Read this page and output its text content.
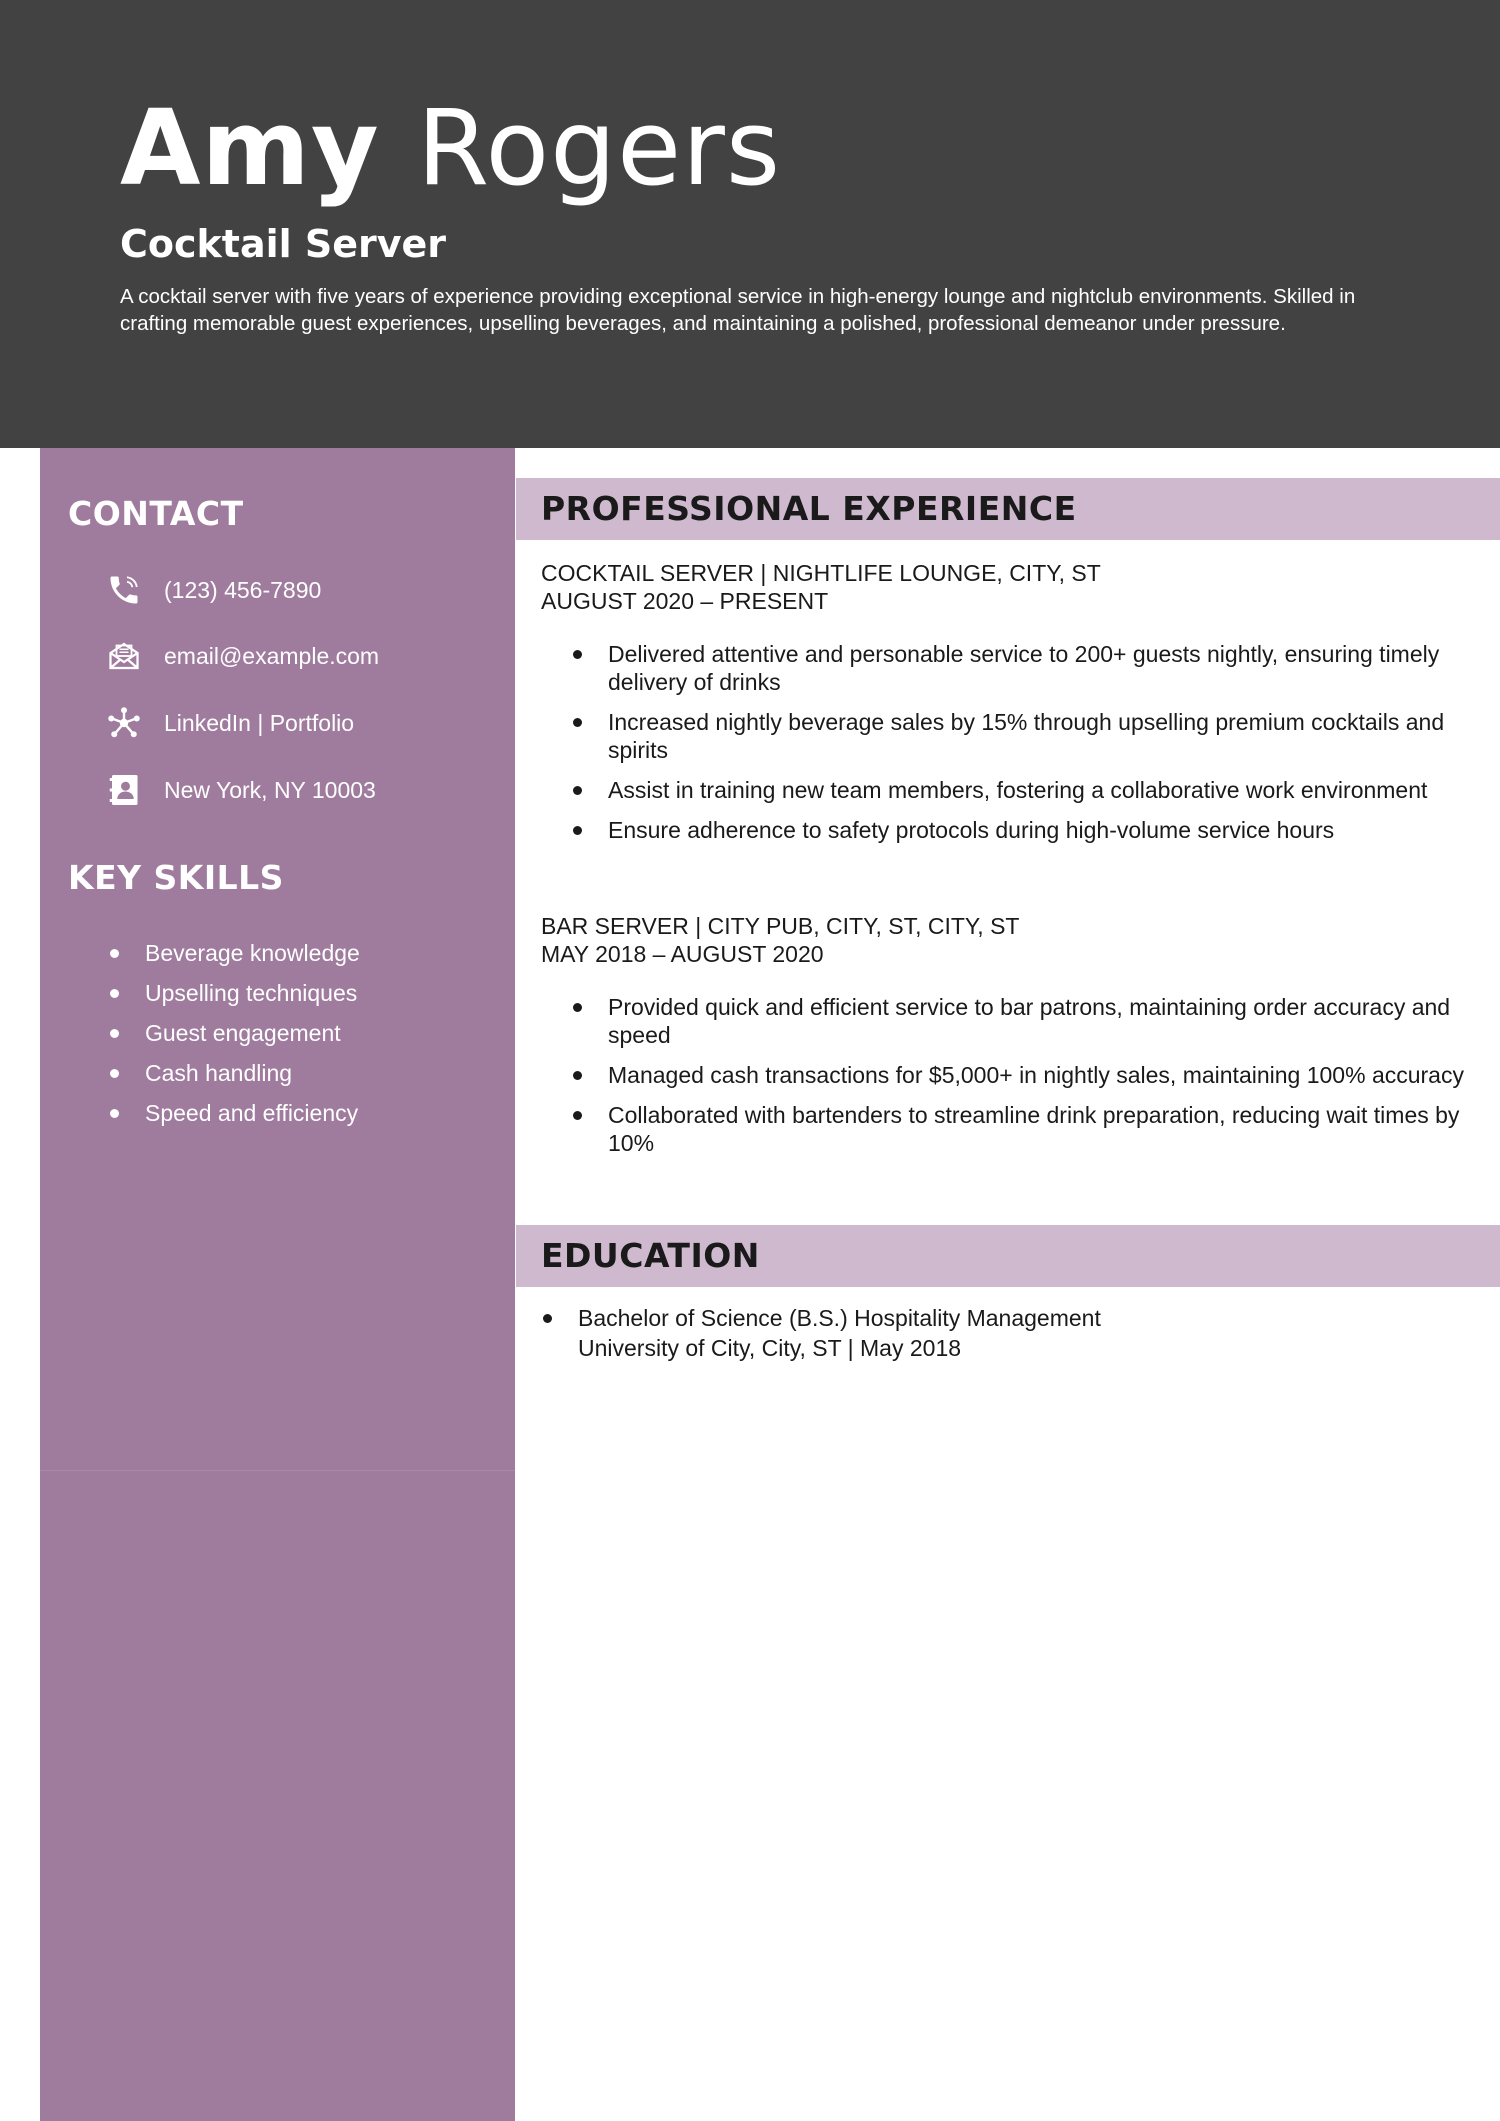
Amy Rogers
Cocktail Server

A cocktail server with five years of experience providing exceptional service in high-energy lounge and nightclub environments. Skilled in crafting memorable guest experiences, upselling beverages, and maintaining a polished, professional demeanor under pressure.

CONTACT
(123) 456-7890
email@example.com
LinkedIn | Portfolio
New York, NY 10003
KEY SKILLS
Beverage knowledge
Upselling techniques
Guest engagement
Cash handling
Speed and efficiency
PROFESSIONAL EXPERIENCE
COCKTAIL SERVER | NIGHTLIFE LOUNGE, CITY, ST
AUGUST 2020 – PRESENT
Delivered attentive and personable service to 200+ guests nightly, ensuring timely delivery of drinks
Increased nightly beverage sales by 15% through upselling premium cocktails and spirits
Assist in training new team members, fostering a collaborative work environment
Ensure adherence to safety protocols during high-volume service hours
BAR SERVER | CITY PUB, CITY, ST, CITY, ST
MAY 2018 – AUGUST 2020
Provided quick and efficient service to bar patrons, maintaining order accuracy and speed
Managed cash transactions for $5,000+ in nightly sales, maintaining 100% accuracy
Collaborated with bartenders to streamline drink preparation, reducing wait times by 10%
EDUCATION
Bachelor of Science (B.S.) Hospitality Management
University of City, City, ST | May 2018
